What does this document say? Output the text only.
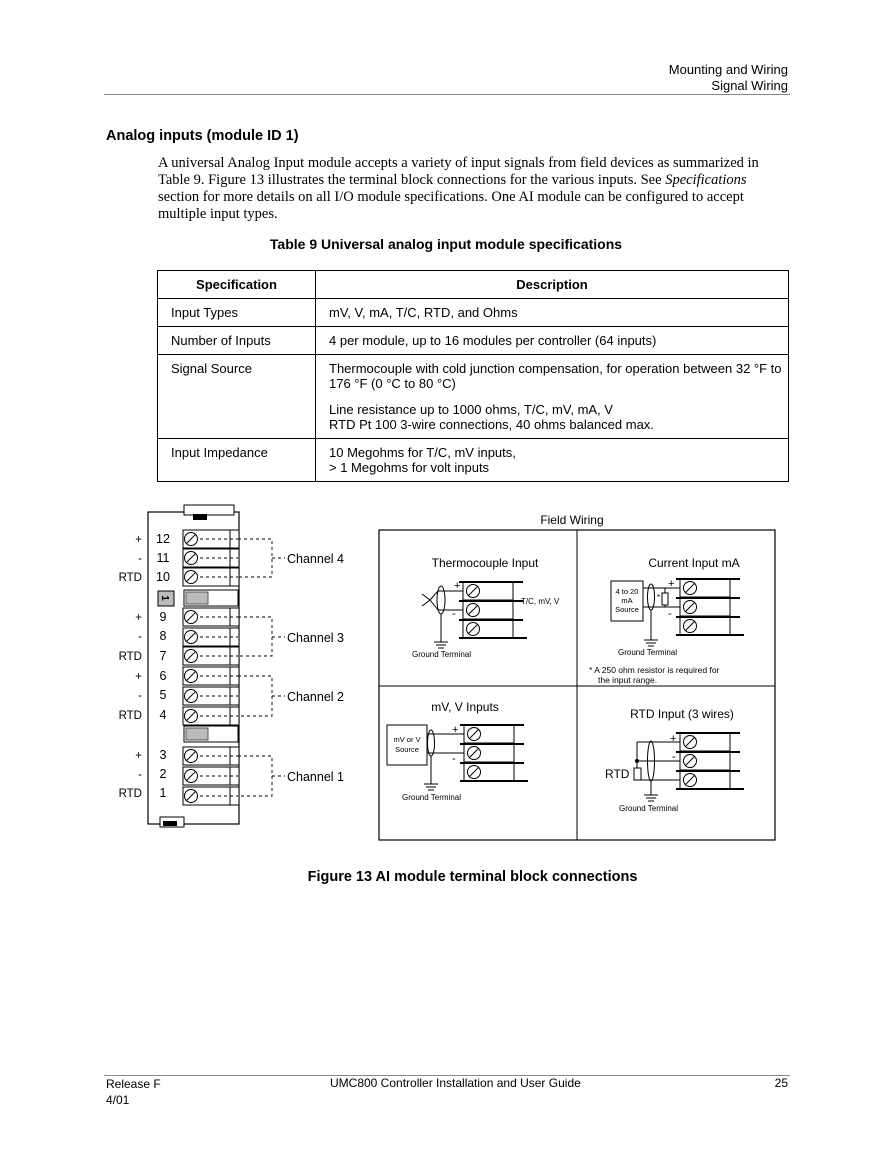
Mounting and Wiring
Signal Wiring
Analog inputs (module ID 1)
A universal Analog Input module accepts a variety of input signals from field devices as summarized in Table 9. Figure 13 illustrates the terminal block connections for the various inputs. See Specifications section for more details on all I/O module specifications. One AI module can be configured to accept multiple input types.
Table 9 Universal analog input module specifications
Specification	Description
Input Types	mV, V, mA, T/C, RTD, and Ohms

Number of Inputs	4 per module, up to 16 modules per controller (64 inputs)

Signal Source	Thermocouple with cold junction compensation, for operation between 32 °F to 176 °F (0 °C to 80 °C)

Line resistance up to 1000 ohms, T/C, mV, mA, V
RTD Pt 100 3-wire connections, 40 ohms balanced max.

Input Impedance	10 Megohms for T/C, mV inputs,
> 1 Megohms for volt inputs

1
12
11
10
9
8
7
6
5
4
3
2
1
+
-
RTD
+
-
RTD
+
-
RTD
+
-
RTD
Channel 4
Channel 3
Channel 2
Channel 1
Field Wiring
Thermocouple Input
+
-
T/C, mV, V
Ground Terminal
Current Input mA
4 to 20
mA
Source
*
+
-
Ground Terminal
* A 250 ohm resistor is required for
the input range.
mV, V Inputs
mV or V
Source
+
-
Ground Terminal
RTD Input (3 wires)
RTD
+
-
Ground Terminal
Figure 13 AI module terminal block connections
Release F
4/01
UMC800 Controller Installation and User Guide	25
